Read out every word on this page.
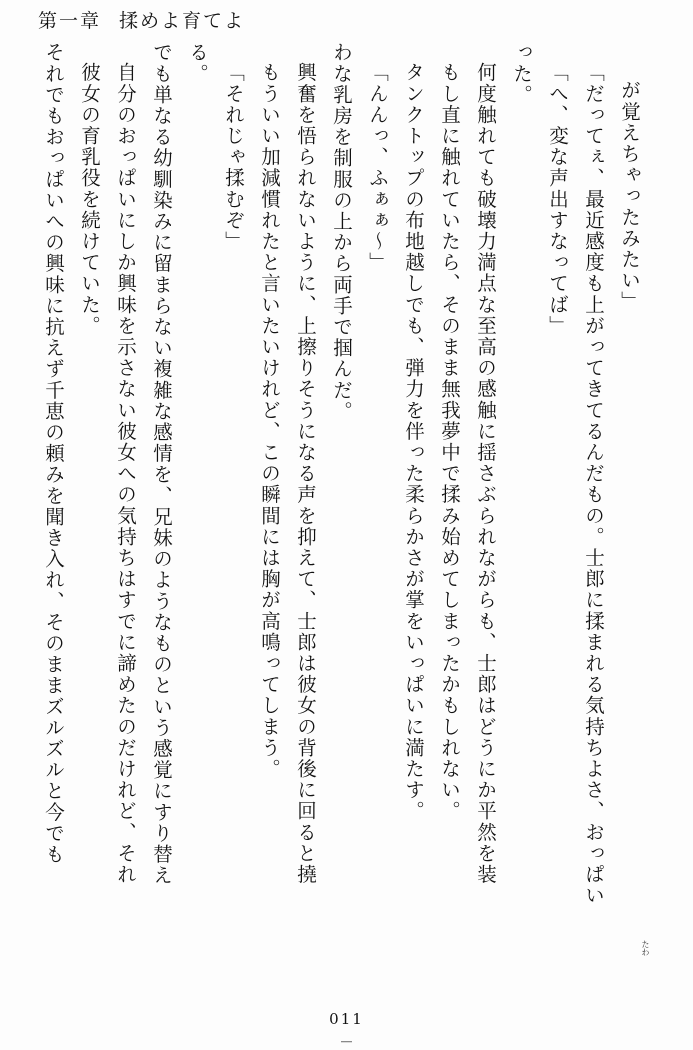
第一章 揉めよ育てよ
それでもおっぱいへの興味に抗えず千恵の頼みを聞き入れ、そのままズルズルと今でも 彼女の育乳役を続けていた。 自分のおっぱいにしか興味を示さない彼女への気持ちはすでに諦めたのだけれど、それ でも単なる幼馴染みに留まらない複雑な感情を、兄妹のようなものという感覚にすり替え る。 「それじゃ揉むぞ」 もういい加減慣れたと言いたいけれど、この瞬間には胸が高鳴ってしまう。 興奮を悟られないように、上擦りそうになる声を抑えて、士郎は彼女の背後に回ると撓 わな乳房を制服の上から両手で掴んだ。 「んんっ、ふぁぁ～」 タンクトップの布地越しでも、弾力を伴った柔らかさが掌をいっぱいに満たす。 もし直に触れていたら、そのまま無我夢中で揉み始めてしまったかもしれない。 何度触れても破壊力満点な至高の感触に揺さぶられながらも、士郎はどうにか平然を装 った。 「へ、変な声出すなってば」 「だってぇ、最近感度も上がってきてるんだもの。士郎に揉まれる気持ちよさ、おっぱい が覚えちゃったみたい」
たわ
011
―
